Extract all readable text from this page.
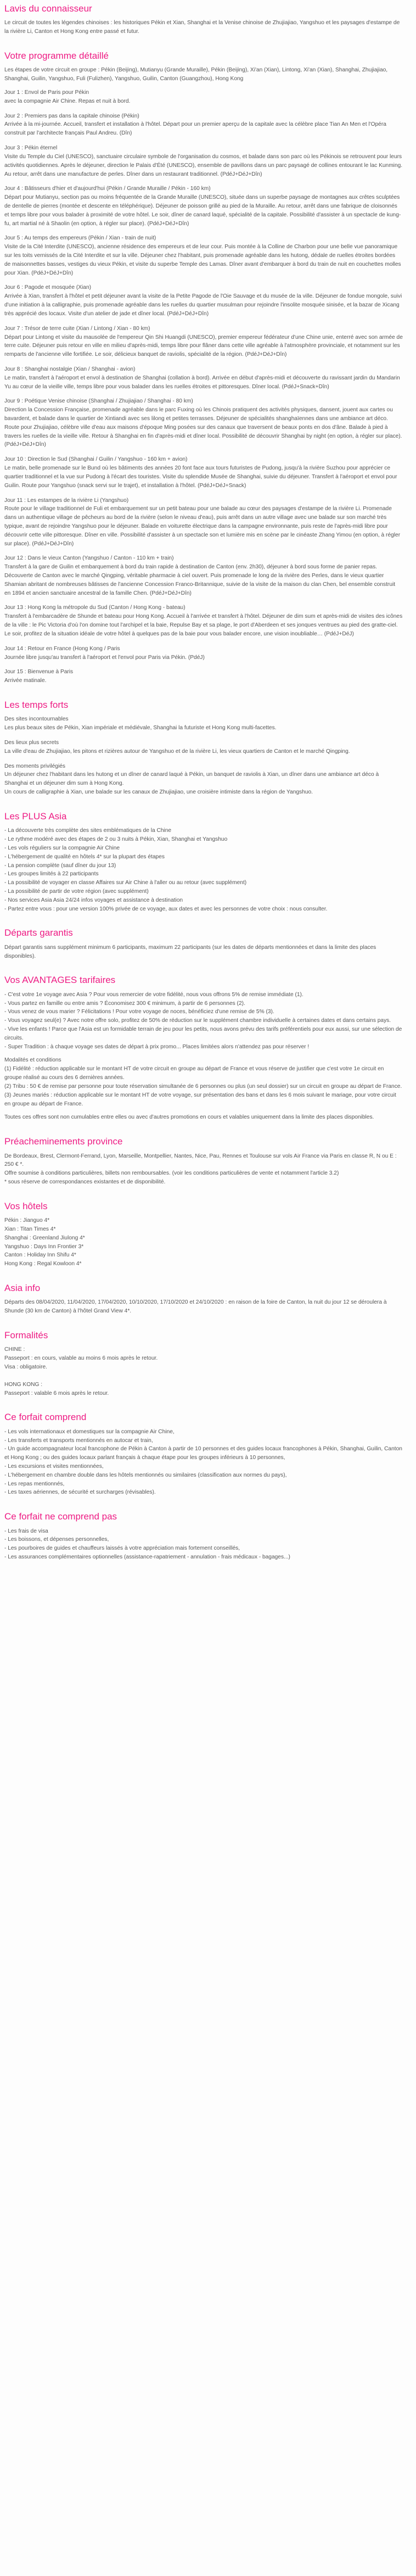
Lavis du connaisseur

Le circuit de toutes les légendes chinoises : les historiques Pékin et Xian, Shanghai et la Venise chinoise de Zhujiajiao, Yangshuo et les paysages d'estampe de la rivière Li, Canton et Hong Kong entre passé et futur.

Votre programme détaillé

Les étapes de votre circuit en groupe : Pékin (Beijing), Mutianyu (Grande Muraille), Pékin (Beijing), Xi'an (Xian), Lintong, Xi'an (Xian), Shanghai, Zhujiajiao, Shanghai, Guilin, Yangshuo, Fuli (Fulizhen), Yangshuo, Guilin, Canton (Guangzhou), Hong Kong

Jour 1 : Envol de Paris pour Pékin
avec la compagnie Air Chine. Repas et nuit à bord.
Jour 2 : Premiers pas dans la capitale chinoise (Pékin)
Arrivée à la mi-journée. Accueil, transfert et installation à l'hôtel. Départ pour un premier aperçu de la capitale avec la célèbre place Tian An Men et l'Opéra construit par l'architecte français Paul Andreu. (Dîn)
Jour 3 : Pékin éternel
Visite du Temple du Ciel (UNESCO), sanctuaire circulaire symbole de l'organisation du cosmos, et balade dans son parc où les Pékinois se retrouvent pour leurs activités quotidiennes. Après le déjeuner, direction le Palais d'Été (UNESCO), ensemble de pavillons dans un parc paysagé de collines entourant le lac Kunming. Au retour, arrêt dans une manufacture de perles. Dîner dans un restaurant traditionnel. (PdéJ+DéJ+Dîn)
Jour 4 : Bâtisseurs d'hier et d'aujourd'hui (Pékin / Grande Muraille / Pékin - 160 km)
Départ pour Mutianyu, section pas ou moins fréquentée de la Grande Muraille (UNESCO), située dans un superbe paysage de montagnes aux crêtes sculptées de dentelle de pierres (montée et descente en téléphérique). Déjeuner de poisson grillé au pied de la Muraille. Au retour, arrêt dans une fabrique de cloisonnés et temps libre pour vous balader à proximité de votre hôtel. Le soir, dîner de canard laqué, spécialité de la capitale. Possibilité d'assister à un spectacle de kung-fu, art martial né à Shaolin (en option, à régler sur place). (PdéJ+DéJ+Dîn)
Jour 5 : Au temps des empereurs (Pékin / Xian - train de nuit)
Visite de la Cité Interdite (UNESCO), ancienne résidence des empereurs et de leur cour. Puis montée à la Colline de Charbon pour une belle vue panoramique sur les toits vernissés de la Cité Interdite et sur la ville. Déjeuner chez l'habitant, puis promenade agréable dans les hutong, dédale de ruelles étroites bordées de maisonnettes basses, vestiges du vieux Pékin, et visite du superbe Temple des Lamas. Dîner avant d'embarquer à bord du train de nuit en couchettes molles pour Xian. (PdéJ+DéJ+Dîn)
Jour 6 : Pagode et mosquée (Xian)
Arrivée à Xian, transfert à l'hôtel et petit déjeuner avant la visite de la Petite Pagode de l'Oie Sauvage et du musée de la ville. Déjeuner de fondue mongole, suivi d'une initiation à la calligraphie, puis promenade agréable dans les ruelles du quartier musulman pour rejoindre l'insolite mosquée sinisée, et la bazar de Xicang très apprécié des locaux. Visite d'un atelier de jade et dîner local. (PdéJ+DéJ+Dîn)
Jour 7 : Trésor de terre cuite (Xian / Lintong / Xian - 80 km)
Départ pour Lintong et visite du mausolée de l'empereur Qin Shi Huangdi (UNESCO), premier empereur fédérateur d'une Chine unie, enterré avec son armée de terre cuite. Déjeuner puis retour en ville en milieu d'après-midi, temps libre pour flâner dans cette ville agréable à l'atmosphère provinciale, et notamment sur les remparts de l'ancienne ville fortifiée. Le soir, délicieux banquet de raviolis, spécialité de la région. (PdéJ+DéJ+Dîn)
Jour 8 : Shanghai nostalgie (Xian / Shanghai - avion)
Le matin, transfert à l'aéroport et envol à destination de Shanghai (collation à bord). Arrivée en début d'après-midi et découverte du ravissant jardin du Mandarin Yu au cœur de la vieille ville, temps libre pour vous balader dans les ruelles étroites et pittoresques. Dîner local. (PdéJ+Snack+Dîn)
Jour 9 : Poétique Venise chinoise (Shanghai / Zhujiajiao / Shanghai - 80 km)
Direction la Concession Française, promenade agréable dans le parc Fuxing où les Chinois pratiquent des activités physiques, dansent, jouent aux cartes ou bavardent, et balade dans le quartier de Xintiandi avec ses lilong et petites terrasses. Déjeuner de spécialités shanghaïennes dans une ambiance art déco. Route pour Zhujiajiao, célèbre ville d'eau aux maisons d'époque Ming posées sur des canaux que traversent de beaux ponts en dos d'âne. Balade à pied à travers les ruelles de la vieille ville. Retour à Shanghai en fin d'après-midi et dîner local. Possibilité de découvrir Shanghai by night (en option, à régler sur place). (PdéJ+DéJ+Dîn)
Jour 10 : Direction le Sud (Shanghai / Guilin / Yangshuo - 160 km + avion)
Le matin, belle promenade sur le Bund où les bâtiments des années 20 font face aux tours futuristes de Pudong, jusqu'à la rivière Suzhou pour apprécier ce quartier traditionnel et la vue sur Pudong à l'écart des touristes. Visite du splendide Musée de Shanghai, suivie du déjeuner. Transfert à l'aéroport et envol pour Guilin. Route pour Yangshuo (snack servi sur le trajet), et installation à l'hôtel. (PdéJ+DéJ+Snack)
Jour 11 : Les estampes de la rivière Li (Yangshuo)
Route pour le village traditionnel de Fuli et embarquement sur un petit bateau pour une balade au cœur des paysages d'estampe de la rivière Li. Promenade dans un authentique village de pêcheurs au bord de la rivière (selon le niveau d'eau), puis arrêt dans un autre village avec une balade sur son marché très typique, avant de rejoindre Yangshuo pour le déjeuner. Balade en voiturette électrique dans la campagne environnante, puis reste de l'après-midi libre pour découvrir cette ville pittoresque. Dîner en ville. Possibilité d'assister à un spectacle son et lumière mis en scène par le cinéaste Zhang Yimou (en option, à régler sur place). (PdéJ+DéJ+Dîn)
Jour 12 : Dans le vieux Canton (Yangshuo / Canton - 110 km + train)
Transfert à la gare de Guilin et embarquement à bord du train rapide à destination de Canton (env. 2h30), déjeuner à bord sous forme de panier repas. Découverte de Canton avec le marché Qingping, véritable pharmacie à ciel ouvert. Puis promenade le long de la rivière des Perles, dans le vieux quartier Shamian abritant de nombreuses bâtisses de l'ancienne Concession Franco-Britannique, suivie de la visite de la maison du clan Chen, bel ensemble construit en 1894 et ancien sanctuaire ancestral de la famille Chen. (PdéJ+DéJ+Dîn)
Jour 13 : Hong Kong la métropole du Sud (Canton / Hong Kong - bateau)
Transfert à l'embarcadère de Shunde et bateau pour Hong Kong. Accueil à l'arrivée et transfert à l'hôtel. Déjeuner de dim sum et après-midi de visites des icônes de la ville : le Pic Victoria d'où l'on domine tout l'archipel et la baie, Repulse Bay et sa plage, le port d'Aberdeen et ses jonques ventrues au pied des gratte-ciel. Le soir, profitez de la situation idéale de votre hôtel à quelques pas de la baie pour vous balader encore, une vision inoubliable… (PdéJ+DéJ)
Jour 14 : Retour en France (Hong Kong / Paris
Journée libre jusqu'au transfert à l'aéroport et l'envol pour Paris via Pékin. (PdéJ)
Jour 15 : Bienvenue à Paris
Arrivée matinale.
Les temps forts
Des sites incontournables
Les plus beaux sites de Pékin, Xian impériale et médiévale, Shanghai la futuriste et Hong Kong multi-facettes.
Des lieux plus secrets
La ville d'eau de Zhujiajiao, les pitons et rizières autour de Yangshuo et de la rivière Li, les vieux quartiers de Canton et le marché Qingping.
Des moments privilégiés
Un déjeuner chez l'habitant dans les hutong et un dîner de canard laqué à Pékin, un banquet de raviolis à Xian, un dîner dans une ambiance art déco à Shanghai et un déjeuner dim sum à Hong Kong.
Un cours de calligraphie à Xian, une balade sur les canaux de Zhujiajiao, une croisière intimiste dans la région de Yangshuo.
Les PLUS Asia
- La découverte très complète des sites emblématiques de la Chine
- Le rythme modéré avec des étapes de 2 ou 3 nuits à Pékin, Xian, Shanghai et Yangshuo
- Les vols réguliers sur la compagnie Air Chine
- L'hébergement de qualité en hôtels 4* sur la plupart des étapes
- La pension complète (sauf dîner du jour 13)
- Les groupes limités à 22 participants
- La possibilité de voyager en classe Affaires sur Air Chine à l'aller ou au retour (avec supplément)
- La possibilité de partir de votre région (avec supplément)
- Nos services Asia Asia 24/24 infos voyages et assistance à destination
- Partez entre vous : pour une version 100% privée de ce voyage, aux dates et avec les personnes de votre choix : nous consulter.
Départs garantis

Départ garantis sans supplément minimum 6 participants, maximum 22 participants (sur les dates de départs mentionnées et dans la limite des places disponibles).

Vos AVANTAGES tarifaires
- C'est votre 1e voyage avec Asia ? Pour vous remercier de votre fidélité, nous vous offrons 5% de remise immédiate (1).
- Vous partez en famille ou entre amis ? Économisez 300 € minimum, à partir de 6 personnes (2).
- Vous venez de vous marier ? Félicitations ! Pour votre voyage de noces, bénéficiez d'une remise de 5% (3).
- Vous voyagez seul(e) ? Avec notre offre solo, profitez de 50% de réduction sur le supplément chambre individuelle à certaines dates et dans certains pays.
- Vive les enfants ! Parce que l'Asia est un formidable terrain de jeu pour les petits, nous avons prévu des tarifs préférentiels pour eux aussi, sur une sélection de circuits.
- Super Tradition : à chaque voyage ses dates de départ à prix promo... Places limitées alors n'attendez pas pour réserver !
Modalités et conditions
(1) Fidélité : réduction applicable sur le montant HT de votre circuit en groupe au départ de France et vous réserve de justifier que c'est votre 1e circuit en groupe réalisé au cours des 6 dernières années.
(2) Tribu : 50 € de remise par personne pour toute réservation simultanée de 6 personnes ou plus (un seul dossier) sur un circuit en groupe au départ de France.
(3) Jeunes mariés : réduction applicable sur le montant HT de votre voyage, sur présentation des bans et dans les 6 mois suivant le mariage, pour votre circuit en groupe au départ de France.

Toutes ces offres sont non cumulables entre elles ou avec d'autres promotions en cours et valables uniquement dans la limite des places disponibles.

Préacheminements province
De Bordeaux, Brest, Clermont-Ferrand, Lyon, Marseille, Montpellier, Nantes, Nice, Pau, Rennes et Toulouse sur vols Air France via Paris en classe R, N ou E : 250 € *.
Offre soumise à conditions particulières, billets non remboursables. (voir les conditions particulières de vente et notamment l'article 3.2)
* sous réserve de correspondances existantes et de disponibilité.
Vos hôtels
Pékin : Jianguo 4*
Xian : Titan Times 4*
Shanghai : Greenland Jiulong 4*
Yangshuo : Days Inn Frontier 3*
Canton : Holiday Inn Shifu 4*
Hong Kong : Regal Kowloon 4*
Asia info

Départs des 08/04/2020, 11/04/2020, 17/04/2020, 10/10/2020, 17/10/2020 et 24/10/2020 : en raison de la foire de Canton, la nuit du jour 12 se déroulera à Shunde (30 km de Canton) à l'hôtel Grand View 4*.

Formalités
CHINE :
Passeport : en cours, valable au moins 6 mois après le retour.
Visa : obligatoire.

HONG KONG :
Passeport : valable 6 mois après le retour.
Ce forfait comprend
- Les vols internationaux et domestiques sur la compagnie Air Chine,
- Les transferts et transports mentionnés en autocar et train,
- Un guide accompagnateur local francophone de Pékin à Canton à partir de 10 personnes et des guides locaux francophones à Pékin, Shanghai, Guilin, Canton et Hong Kong ; ou des guides locaux parlant français à chaque étape pour les groupes inférieurs à 10 personnes,
- Les excursions et visites mentionnées,
- L'hébergement en chambre double dans les hôtels mentionnés ou similaires (classification aux normes du pays),
- Les repas mentionnés,
- Les taxes aériennes, de sécurité et surcharges (révisables).
Ce forfait ne comprend pas
- Les frais de visa
- Les boissons, et dépenses personnelles,
- Les pourboires de guides et chauffeurs laissés à votre appréciation mais fortement conseillés,
- Les assurances complémentaires optionnelles (assistance-rapatriement - annulation - frais médicaux - bagages...)
